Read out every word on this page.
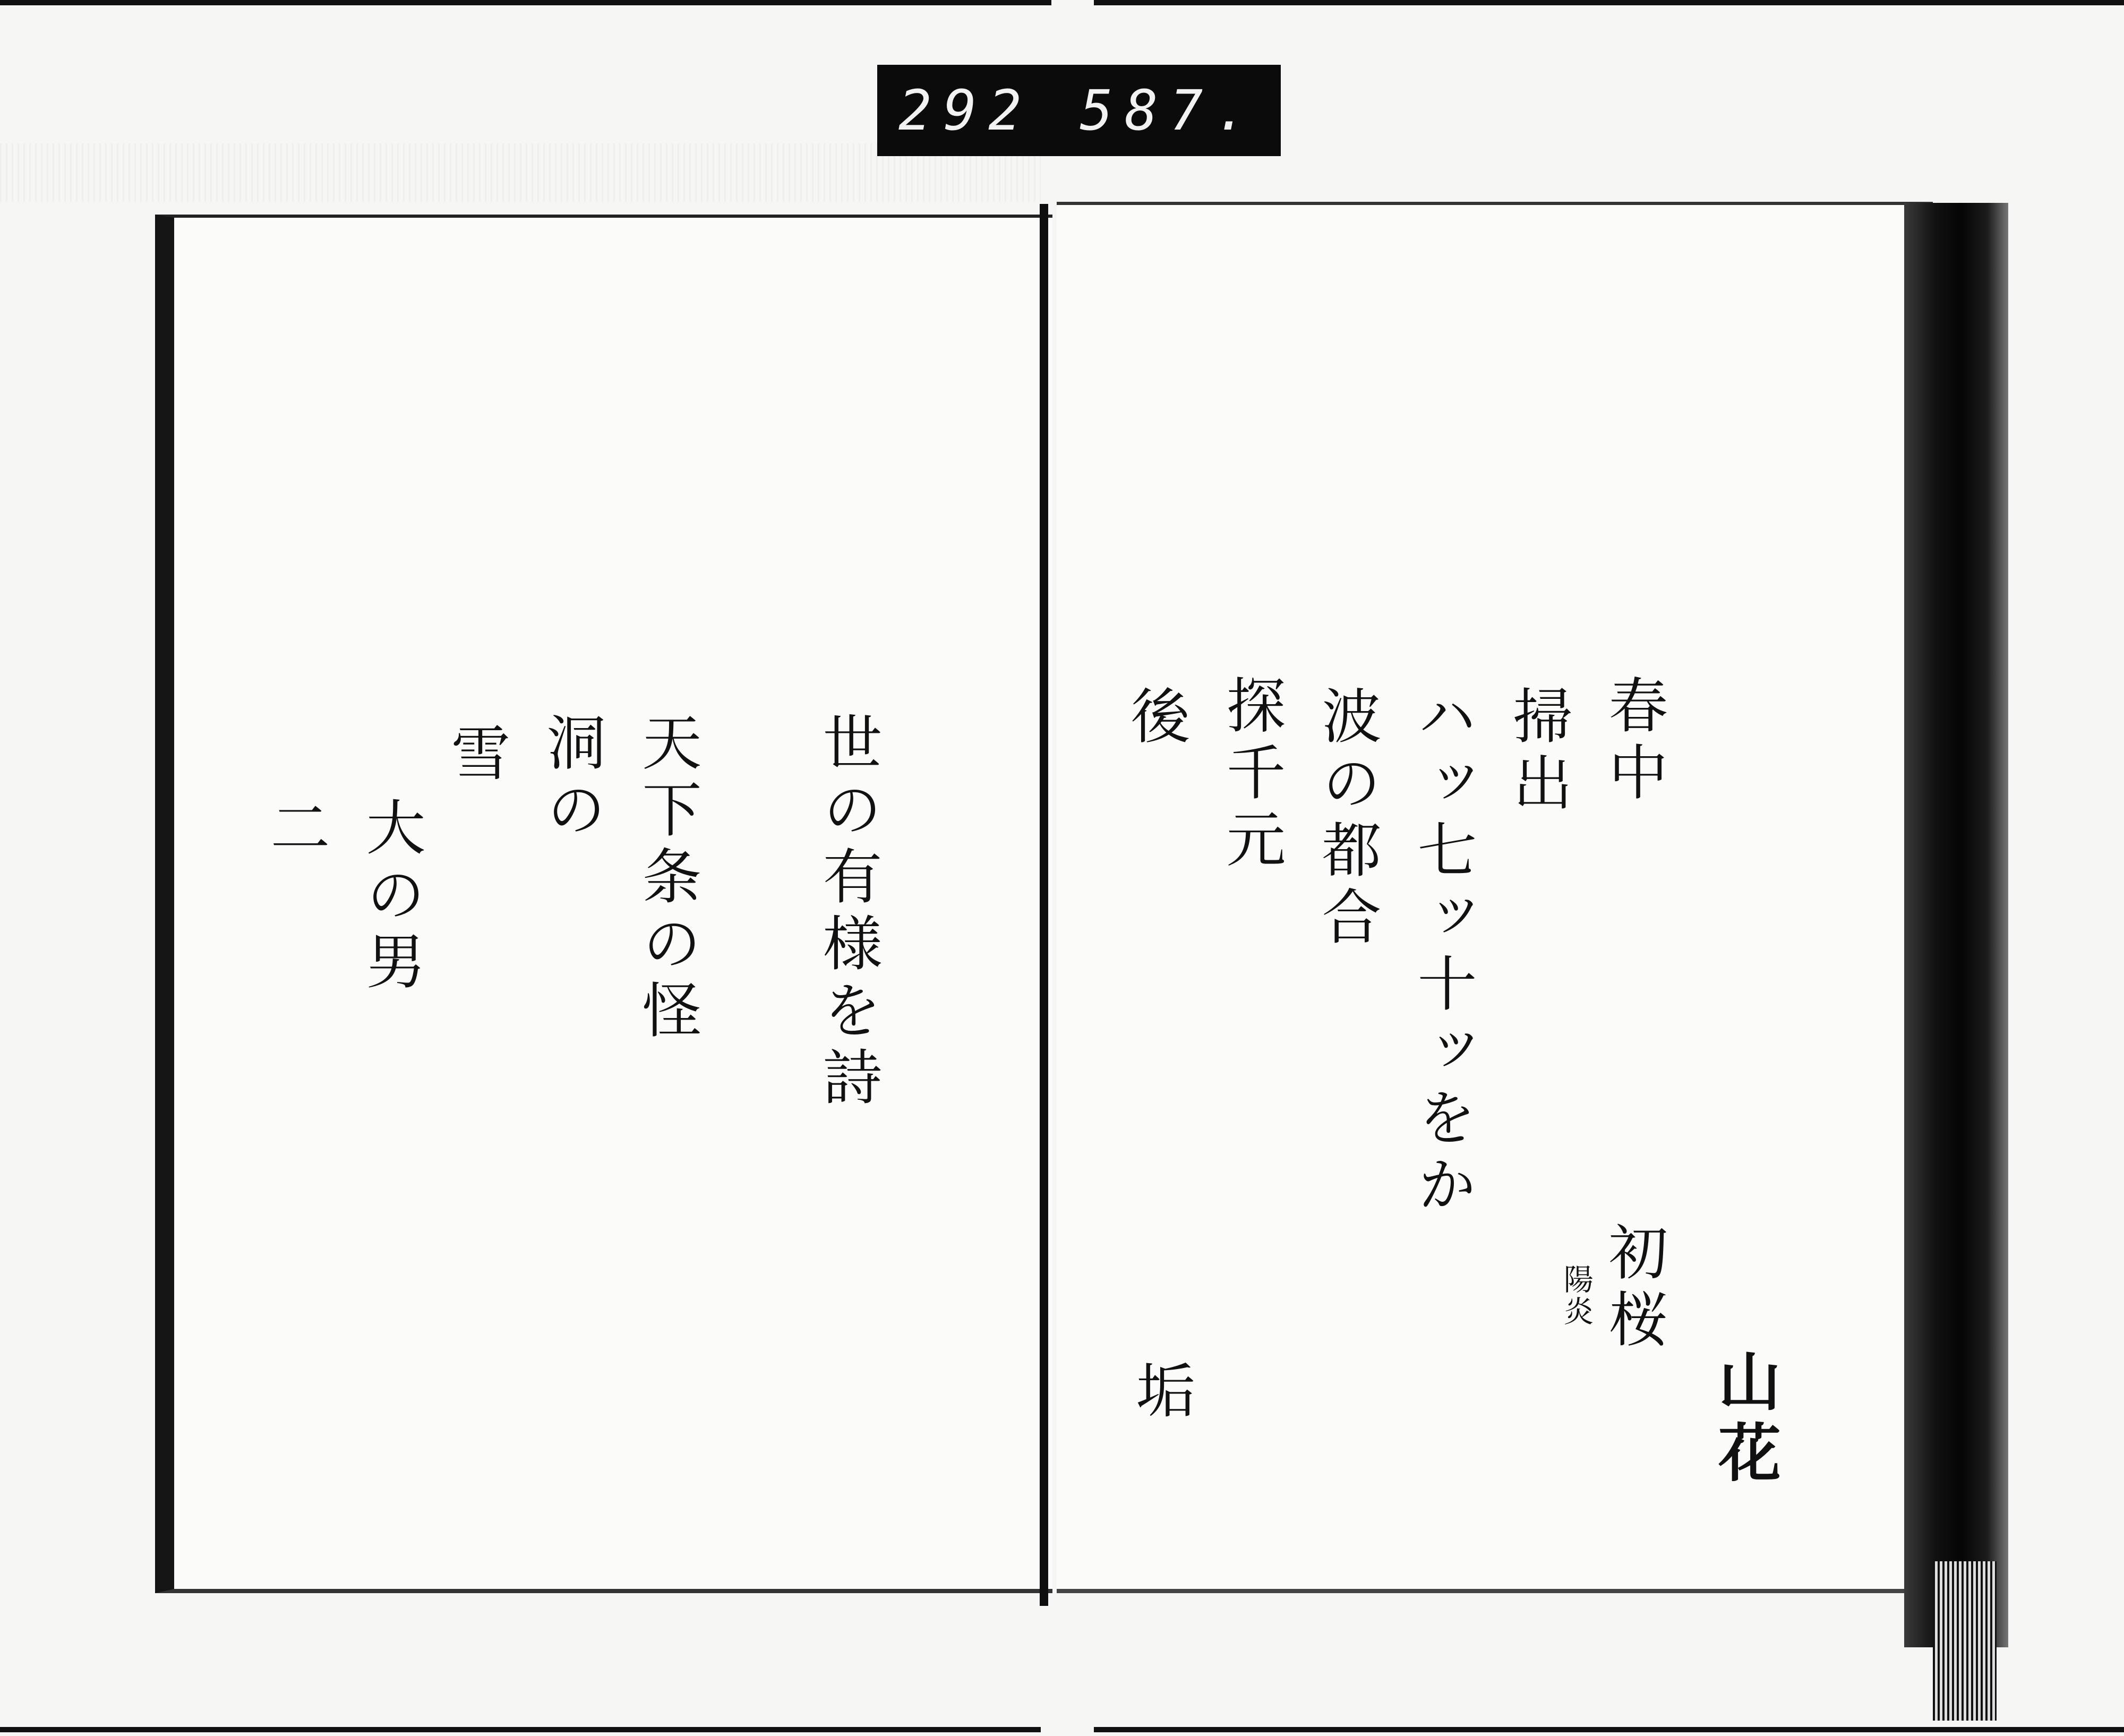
292 587.
山花
春中
初桜
掃出
陽炎
ハッ七ッ十ッをか
波の都合
探千元
後
垢
世の有様を詩
天下条の怪
洞の
雪
大の男
二
